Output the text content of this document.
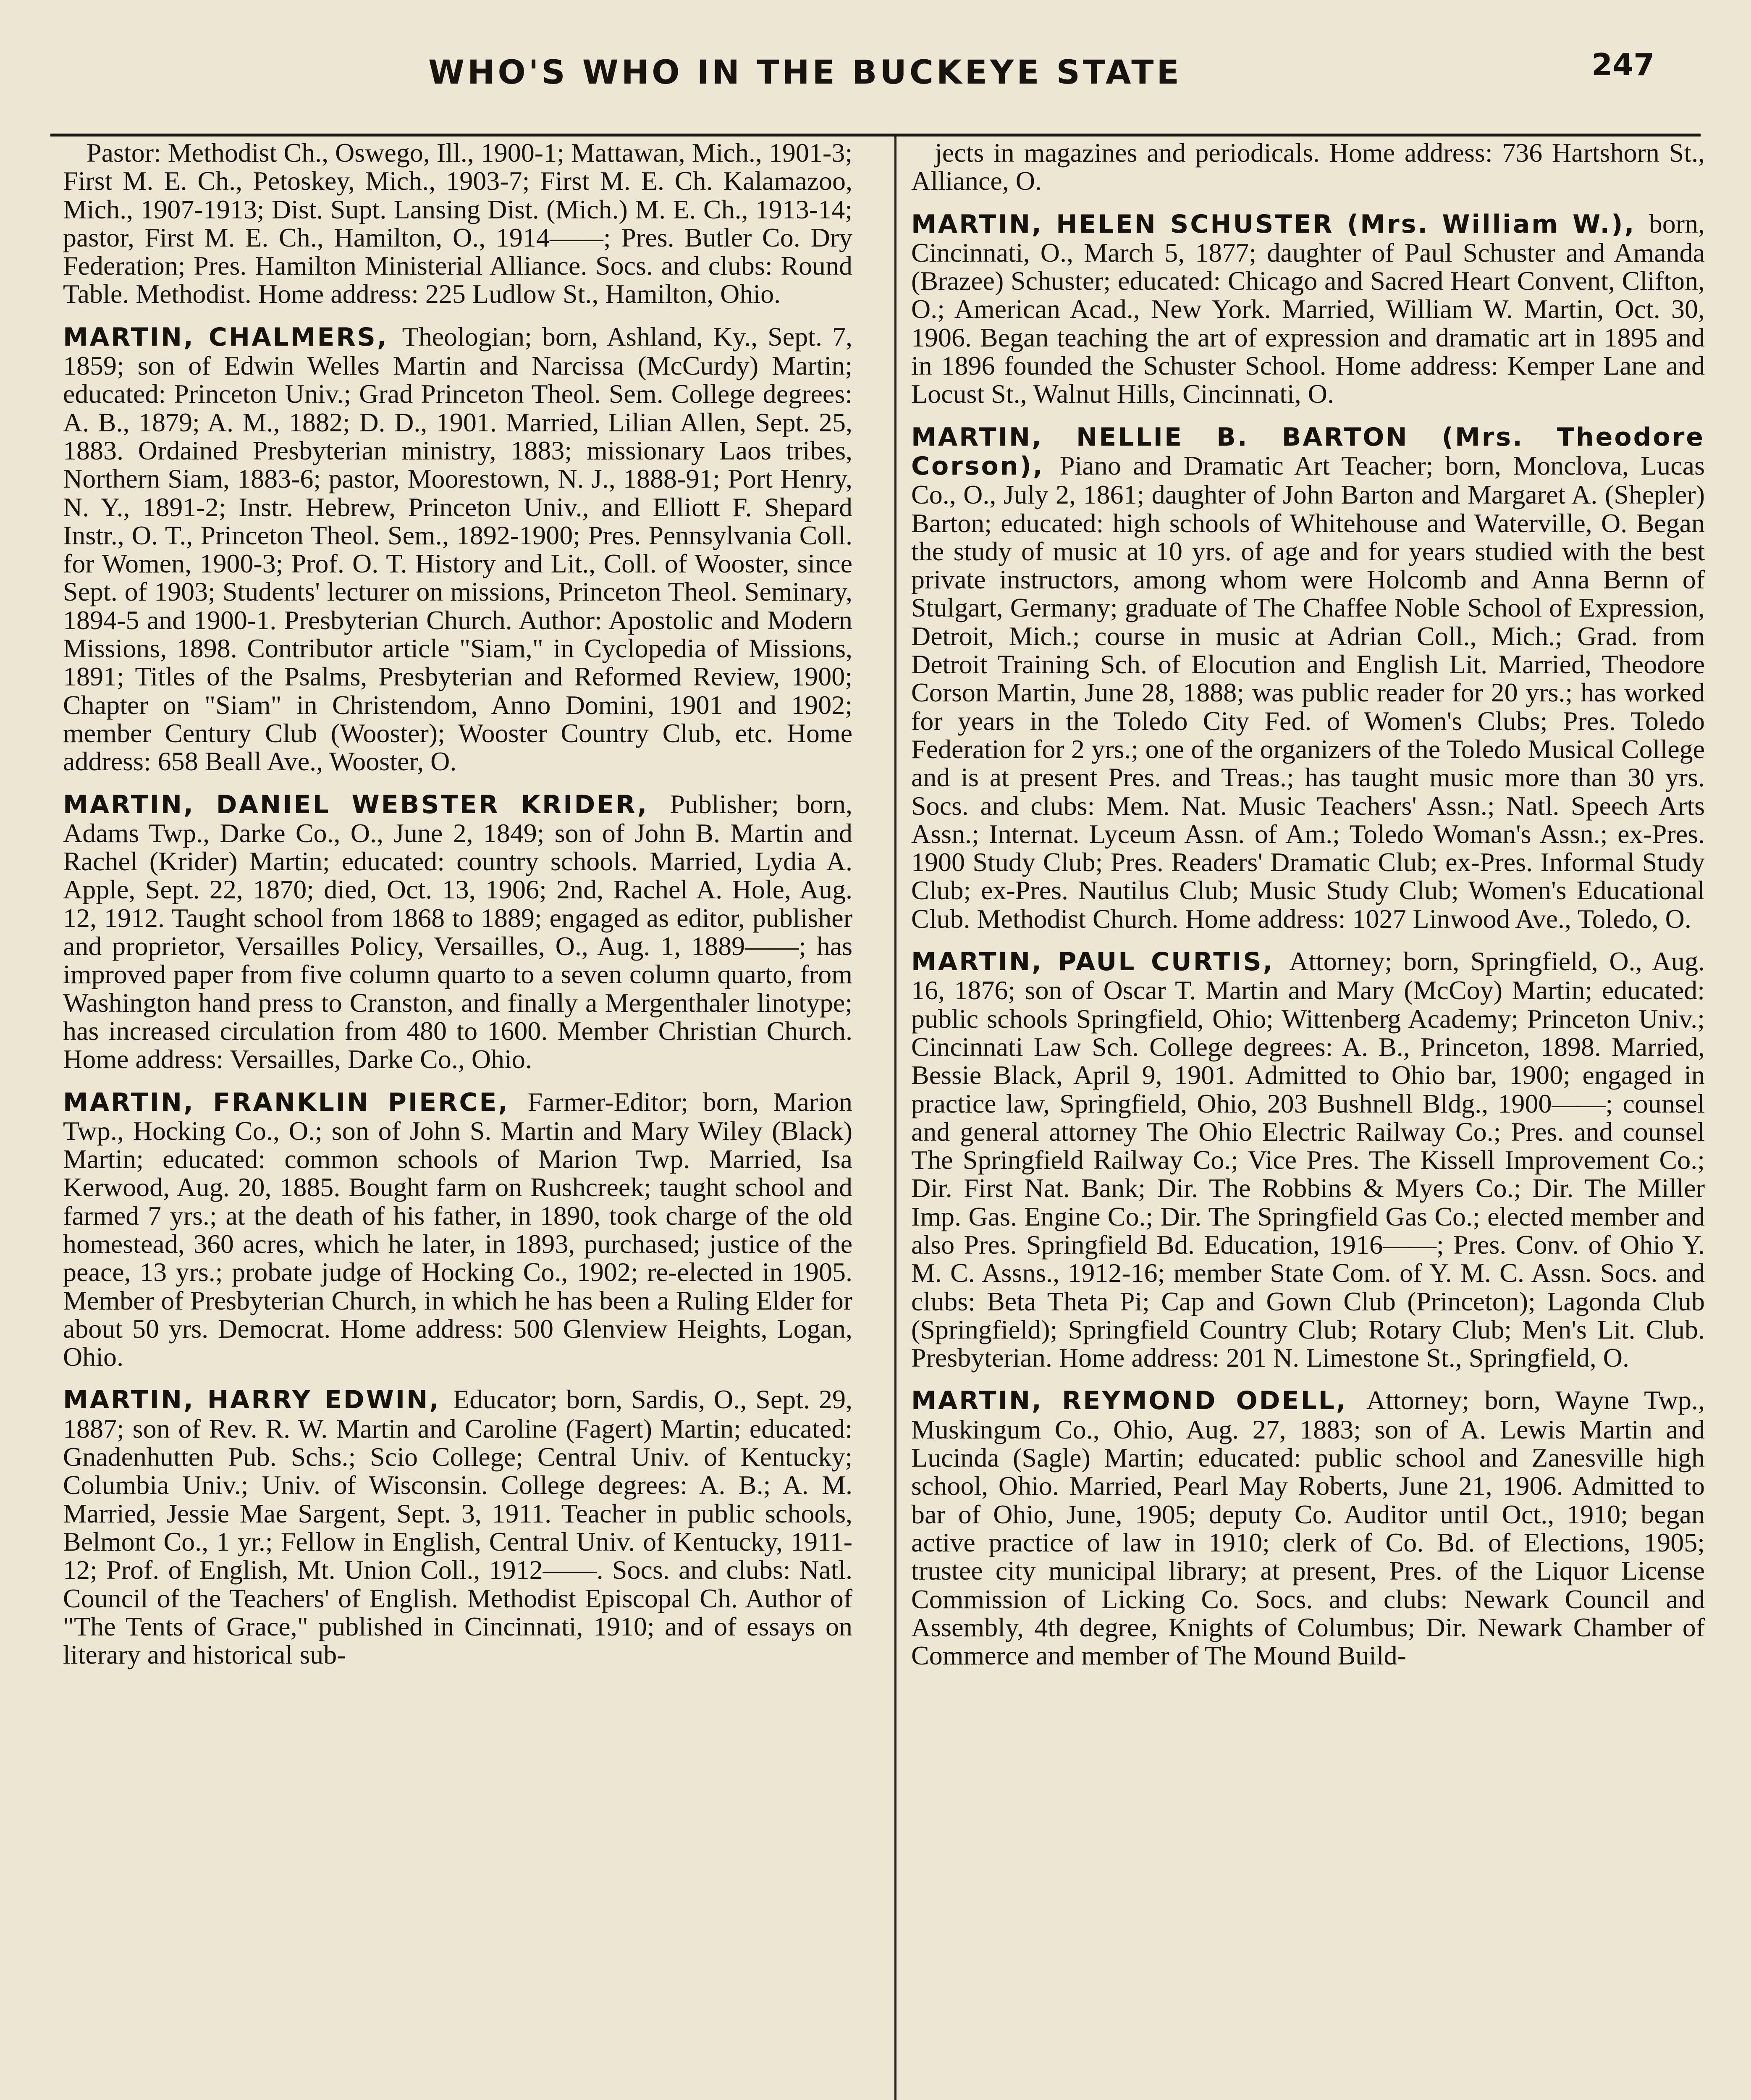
WHO'S WHO IN THE BUCKEYE STATE	247

Pastor: Methodist Ch., Oswego, Ill., 1900-1; Mattawan, Mich., 1901-3; First M. E. Ch., Petoskey, Mich., 1903-7; First M. E. Ch. Kalamazoo, Mich., 1907-1913; Dist. Supt. Lansing Dist. (Mich.) M. E. Ch., 1913-14; pastor, First M. E. Ch., Hamilton, O., 1914——; Pres. Butler Co. Dry Federation; Pres. Hamilton Ministerial Alliance. Socs. and clubs: Round Table. Methodist. Home address: 225 Ludlow St., Hamilton, Ohio.

MARTIN, CHALMERS, Theologian; born, Ashland, Ky., Sept. 7, 1859; son of Edwin Welles Martin and Narcissa (McCurdy) Martin; educated: Princeton Univ.; Grad Princeton Theol. Sem. College degrees: A. B., 1879; A. M., 1882; D. D., 1901. Married, Lilian Allen, Sept. 25, 1883. Ordained Presbyterian ministry, 1883; missionary Laos tribes, Northern Siam, 1883-6; pastor, Moorestown, N. J., 1888-91; Port Henry, N. Y., 1891-2; Instr. Hebrew, Princeton Univ., and Elliott F. Shepard Instr., O. T., Princeton Theol. Sem., 1892-1900; Pres. Pennsylvania Coll. for Women, 1900-3; Prof. O. T. History and Lit., Coll. of Wooster, since Sept. of 1903; Students' lecturer on missions, Princeton Theol. Seminary, 1894-5 and 1900-1. Presbyterian Church. Author: Apostolic and Modern Missions, 1898. Contributor article "Siam," in Cyclopedia of Missions, 1891; Titles of the Psalms, Presbyterian and Reformed Review, 1900; Chapter on "Siam" in Christendom, Anno Domini, 1901 and 1902; member Century Club (Wooster); Wooster Country Club, etc. Home address: 658 Beall Ave., Wooster, O.

MARTIN, DANIEL WEBSTER KRIDER, Publisher; born, Adams Twp., Darke Co., O., June 2, 1849; son of John B. Martin and Rachel (Krider) Martin; educated: country schools. Married, Lydia A. Apple, Sept. 22, 1870; died, Oct. 13, 1906; 2nd, Rachel A. Hole, Aug. 12, 1912. Taught school from 1868 to 1889; engaged as editor, publisher and proprietor, Versailles Policy, Versailles, O., Aug. 1, 1889——; has improved paper from five column quarto to a seven column quarto, from Washington hand press to Cranston, and finally a Mergenthaler linotype; has increased circulation from 480 to 1600. Member Christian Church. Home address: Versailles, Darke Co., Ohio.

MARTIN, FRANKLIN PIERCE, Farmer-Editor; born, Marion Twp., Hocking Co., O.; son of John S. Martin and Mary Wiley (Black) Martin; educated: common schools of Marion Twp. Married, Isa Kerwood, Aug. 20, 1885. Bought farm on Rushcreek; taught school and farmed 7 yrs.; at the death of his father, in 1890, took charge of the old homestead, 360 acres, which he later, in 1893, purchased; justice of the peace, 13 yrs.; probate judge of Hocking Co., 1902; re-elected in 1905. Member of Presbyterian Church, in which he has been a Ruling Elder for about 50 yrs. Democrat. Home address: 500 Glenview Heights, Logan, Ohio.

MARTIN, HARRY EDWIN, Educator; born, Sardis, O., Sept. 29, 1887; son of Rev. R. W. Martin and Caroline (Fagert) Martin; educated: Gnadenhutten Pub. Schs.; Scio College; Central Univ. of Kentucky; Columbia Univ.; Univ. of Wisconsin. College degrees: A. B.; A. M. Married, Jessie Mae Sargent, Sept. 3, 1911. Teacher in public schools, Belmont Co., 1 yr.; Fellow in English, Central Univ. of Kentucky, 1911-12; Prof. of English, Mt. Union Coll., 1912——. Socs. and clubs: Natl. Council of the Teachers' of English. Methodist Episcopal Ch. Author of "The Tents of Grace," published in Cincinnati, 1910; and of essays on literary and historical sub-

jects in magazines and periodicals. Home address: 736 Hartshorn St., Alliance, O.

MARTIN, HELEN SCHUSTER (Mrs. William W.), born, Cincinnati, O., March 5, 1877; daughter of Paul Schuster and Amanda (Brazee) Schuster; educated: Chicago and Sacred Heart Convent, Clifton, O.; American Acad., New York. Married, William W. Martin, Oct. 30, 1906. Began teaching the art of expression and dramatic art in 1895 and in 1896 founded the Schuster School. Home address: Kemper Lane and Locust St., Walnut Hills, Cincinnati, O.

MARTIN, NELLIE B. BARTON (Mrs. Theodore Corson), Piano and Dramatic Art Teacher; born, Monclova, Lucas Co., O., July 2, 1861; daughter of John Barton and Margaret A. (Shepler) Barton; educated: high schools of Whitehouse and Waterville, O. Began the study of music at 10 yrs. of age and for years studied with the best private instructors, among whom were Holcomb and Anna Bernn of Stulgart, Germany; graduate of The Chaffee Noble School of Expression, Detroit, Mich.; course in music at Adrian Coll., Mich.; Grad. from Detroit Training Sch. of Elocution and English Lit. Married, Theodore Corson Martin, June 28, 1888; was public reader for 20 yrs.; has worked for years in the Toledo City Fed. of Women's Clubs; Pres. Toledo Federation for 2 yrs.; one of the organizers of the Toledo Musical College and is at present Pres. and Treas.; has taught music more than 30 yrs. Socs. and clubs: Mem. Nat. Music Teachers' Assn.; Natl. Speech Arts Assn.; Internat. Lyceum Assn. of Am.; Toledo Woman's Assn.; ex-Pres. 1900 Study Club; Pres. Readers' Dramatic Club; ex-Pres. Informal Study Club; ex-Pres. Nautilus Club; Music Study Club; Women's Educational Club. Methodist Church. Home address: 1027 Linwood Ave., Toledo, O.

MARTIN, PAUL CURTIS, Attorney; born, Springfield, O., Aug. 16, 1876; son of Oscar T. Martin and Mary (McCoy) Martin; educated: public schools Springfield, Ohio; Wittenberg Academy; Princeton Univ.; Cincinnati Law Sch. College degrees: A. B., Princeton, 1898. Married, Bessie Black, April 9, 1901. Admitted to Ohio bar, 1900; engaged in practice law, Springfield, Ohio, 203 Bushnell Bldg., 1900——; counsel and general attorney The Ohio Electric Railway Co.; Pres. and counsel The Springfield Railway Co.; Vice Pres. The Kissell Improvement Co.; Dir. First Nat. Bank; Dir. The Robbins & Myers Co.; Dir. The Miller Imp. Gas. Engine Co.; Dir. The Springfield Gas Co.; elected member and also Pres. Springfield Bd. Education, 1916——; Pres. Conv. of Ohio Y. M. C. Assns., 1912-16; member State Com. of Y. M. C. Assn. Socs. and clubs: Beta Theta Pi; Cap and Gown Club (Princeton); Lagonda Club (Springfield); Springfield Country Club; Rotary Club; Men's Lit. Club. Presbyterian. Home address: 201 N. Limestone St., Springfield, O.

MARTIN, REYMOND ODELL, Attorney; born, Wayne Twp., Muskingum Co., Ohio, Aug. 27, 1883; son of A. Lewis Martin and Lucinda (Sagle) Martin; educated: public school and Zanesville high school, Ohio. Married, Pearl May Roberts, June 21, 1906. Admitted to bar of Ohio, June, 1905; deputy Co. Auditor until Oct., 1910; began active practice of law in 1910; clerk of Co. Bd. of Elections, 1905; trustee city municipal library; at present, Pres. of the Liquor License Commission of Licking Co. Socs. and clubs: Newark Council and Assembly, 4th degree, Knights of Columbus; Dir. Newark Chamber of Commerce and member of The Mound Build-
